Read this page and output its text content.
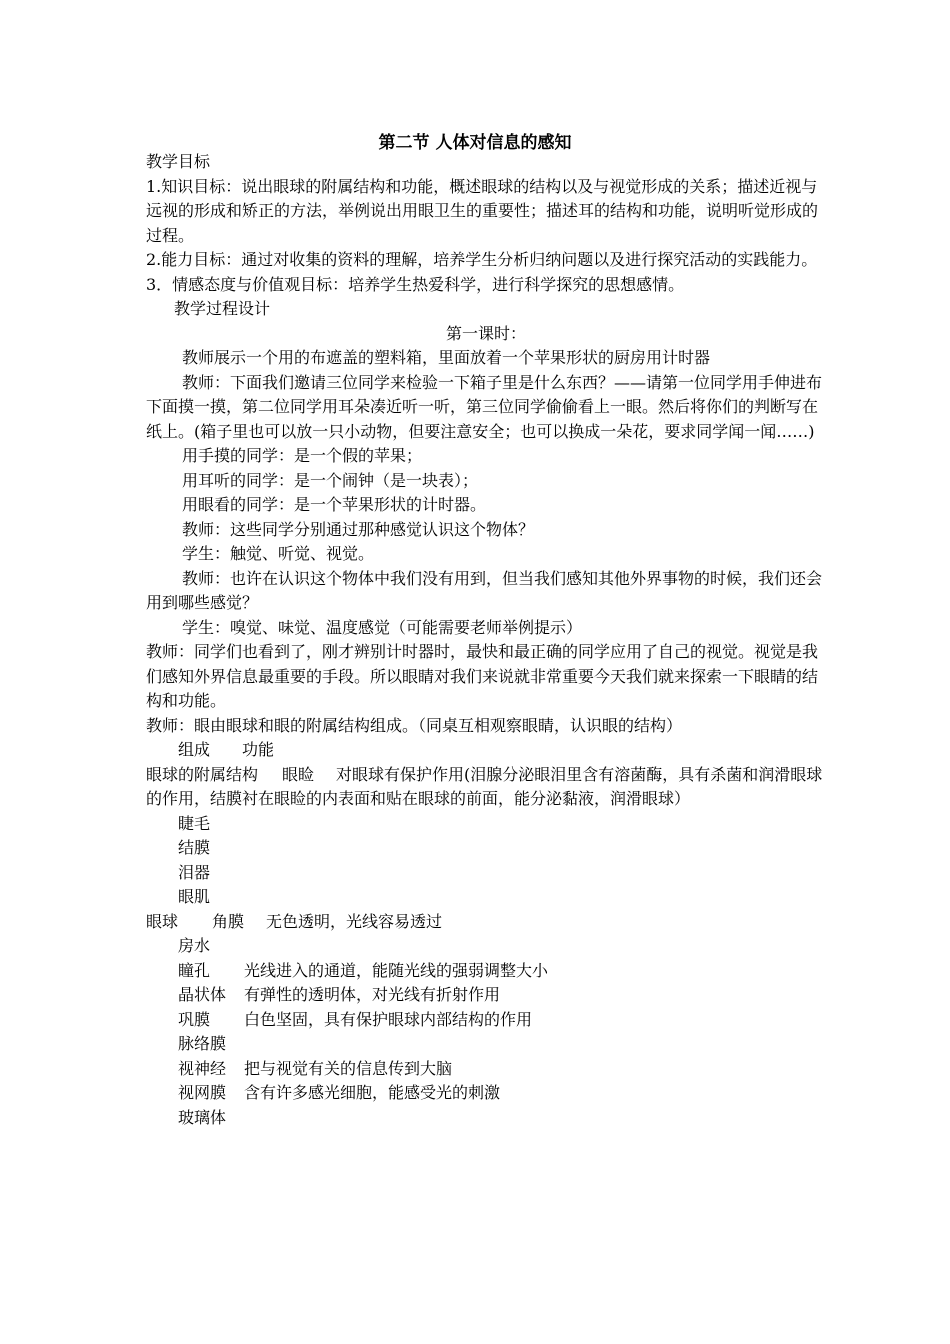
第二节 人体对信息的感知

教学目标

1.知识目标：说出眼球的附属结构和功能，概述眼球的结构以及与视觉形成的关系；描述近视与远视的形成和矫正的方法，举例说出用眼卫生的重要性；描述耳的结构和功能，说明听觉形成的过程。

2.能力目标：通过对收集的资料的理解，培养学生分析归纳问题以及进行探究活动的实践能力。

3．情感态度与价值观目标：培养学生热爱科学，进行科学探究的思想感情。

教学过程设计

第一课时：

教师展示一个用的布遮盖的塑料箱，里面放着一个苹果形状的厨房用计时器

教师：下面我们邀请三位同学来检验一下箱子里是什么东西？——请第一位同学用手伸进布下面摸一摸，第二位同学用耳朵凑近听一听，第三位同学偷偷看上一眼。然后将你们的判断写在纸上。(箱子里也可以放一只小动物，但要注意安全；也可以换成一朵花，要求同学闻一闻……)

用手摸的同学：是一个假的苹果；

用耳听的同学：是一个闹钟（是一块表）；

用眼看的同学：是一个苹果形状的计时器。

教师：这些同学分别通过那种感觉认识这个物体？

学生：触觉、听觉、视觉。

教师：也许在认识这个物体中我们没有用到，但当我们感知其他外界事物的时候，我们还会用到哪些感觉？

学生：嗅觉、味觉、温度感觉（可能需要老师举例提示）

教师：同学们也看到了，刚才辨别计时器时，最快和最正确的同学应用了自己的视觉。视觉是我们感知外界信息最重要的手段。所以眼睛对我们来说就非常重要今天我们就来探索一下眼睛的结构和功能。

教师：眼由眼球和眼的附属结构组成。（同桌互相观察眼睛，认识眼的结构）

组成 功能

眼球的附属结构 眼睑 对眼球有保护作用(泪腺分泌眼泪里含有溶菌酶，具有杀菌和润滑眼球的作用，结膜衬在眼睑的内表面和贴在眼球的前面，能分泌黏液，润滑眼球）

睫毛

结膜

泪器

眼肌

眼球 角膜 无色透明，光线容易透过

房水

瞳孔 光线进入的通道，能随光线的强弱调整大小

晶状体 有弹性的透明体，对光线有折射作用

巩膜 白色坚固，具有保护眼球内部结构的作用

脉络膜

视神经 把与视觉有关的信息传到大脑

视网膜 含有许多感光细胞，能感受光的刺激

玻璃体
